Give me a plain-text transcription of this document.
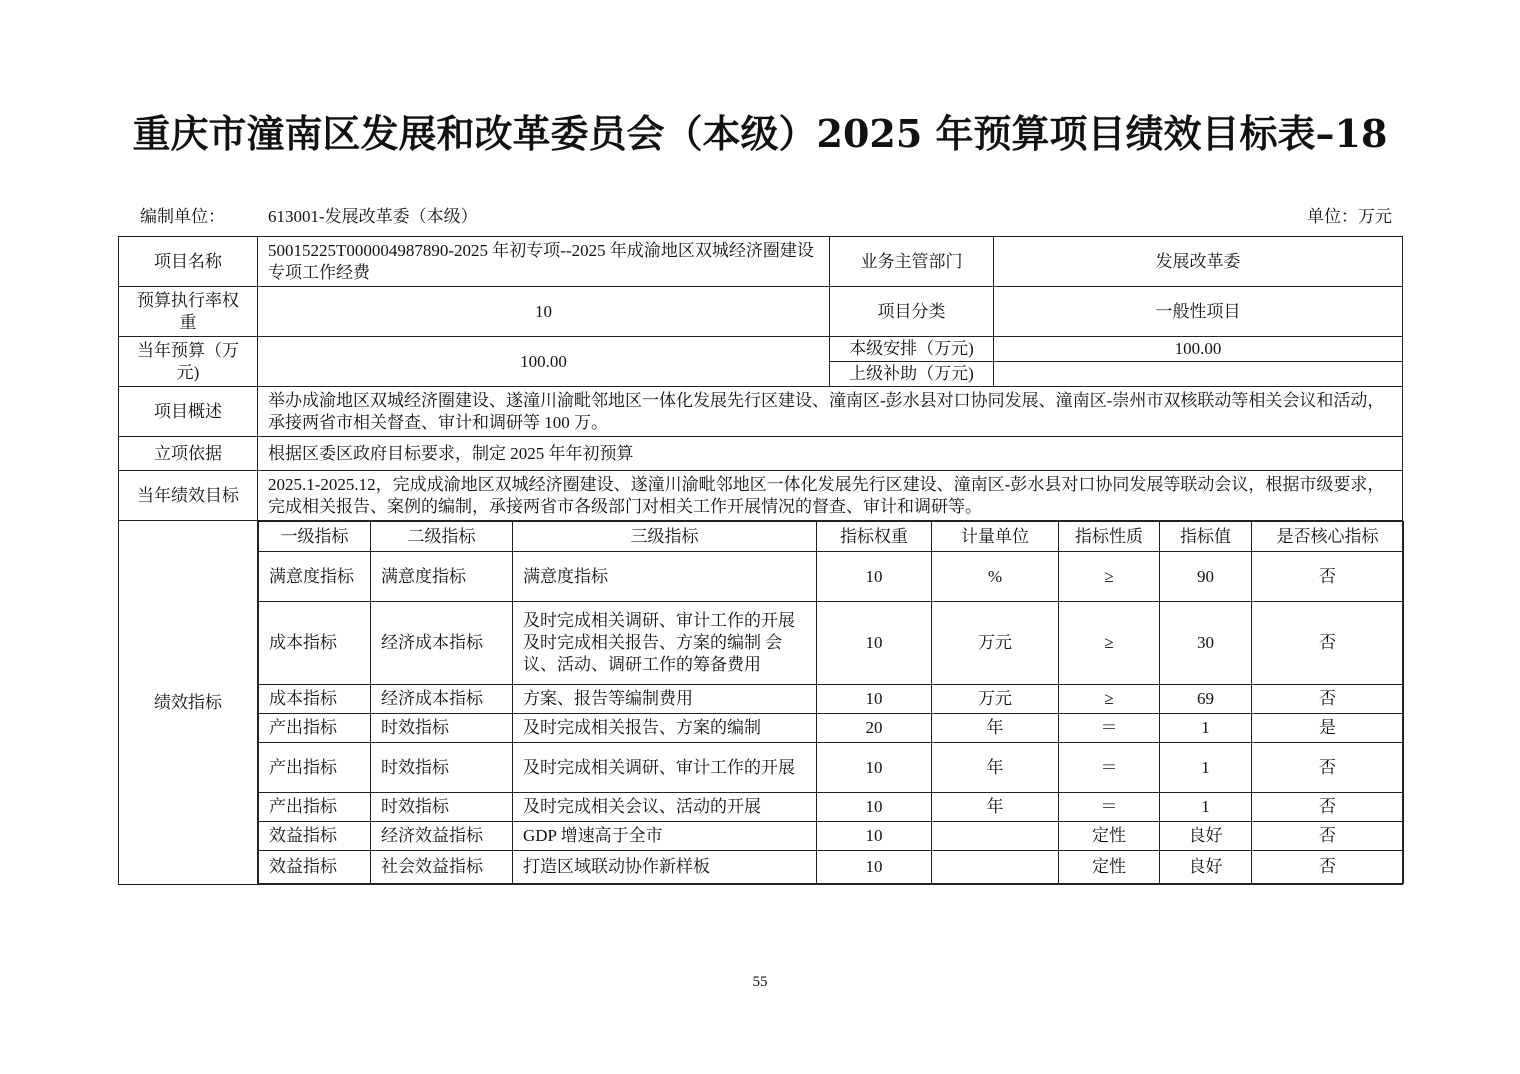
重庆市潼南区发展和改革委员会（本级）2025 年预算项目绩效目标表–18
编制单位：	613001-发展改革委（本级）	单位：万元
项目名称	50015225T000004987890-2025 年初专项--2025 年成渝地区双城经济圈建设专项工作经费	业务主管部门	发展改革委
预算执行率权重	10	项目分类	一般性项目
当年预算（万元)	100.00	本级安排（万元)	100.00
上级补助（万元)	
项目概述	举办成渝地区双城经济圈建设、遂潼川渝毗邻地区一体化发展先行区建设、潼南区-彭水县对口协同发展、潼南区-崇州市双核联动等相关会议和活动，承接两省市相关督查、审计和调研等 100 万。
立项依据	根据区委区政府目标要求，制定 2025 年年初预算
当年绩效目标	2025.1-2025.12，完成成渝地区双城经济圈建设、遂潼川渝毗邻地区一体化发展先行区建设、潼南区-彭水县对口协同发展等联动会议，根据市级要求，完成相关报告、案例的编制，承接两省市各级部门对相关工作开展情况的督查、审计和调研等。
绩效指标	
一级指标	二级指标	三级指标	指标权重	计量单位	指标性质	指标值	是否核心指标
满意度指标	满意度指标	满意度指标	10	%	≥	90	否
成本指标	经济成本指标	及时完成相关调研、审计工作的开展 及时完成相关报告、方案的编制 会议、活动、调研工作的筹备费用	10	万元	≥	30	否
成本指标	经济成本指标	方案、报告等编制费用	10	万元	≥	69	否
产出指标	时效指标	及时完成相关报告、方案的编制	20	年	＝	1	是
产出指标	时效指标	及时完成相关调研、审计工作的开展	10	年	＝	1	否
产出指标	时效指标	及时完成相关会议、活动的开展	10	年	＝	1	否
效益指标	经济效益指标	GDP 增速高于全市	10		定性	良好	否
效益指标	社会效益指标	打造区域联动协作新样板	10		定性	良好	否
55
